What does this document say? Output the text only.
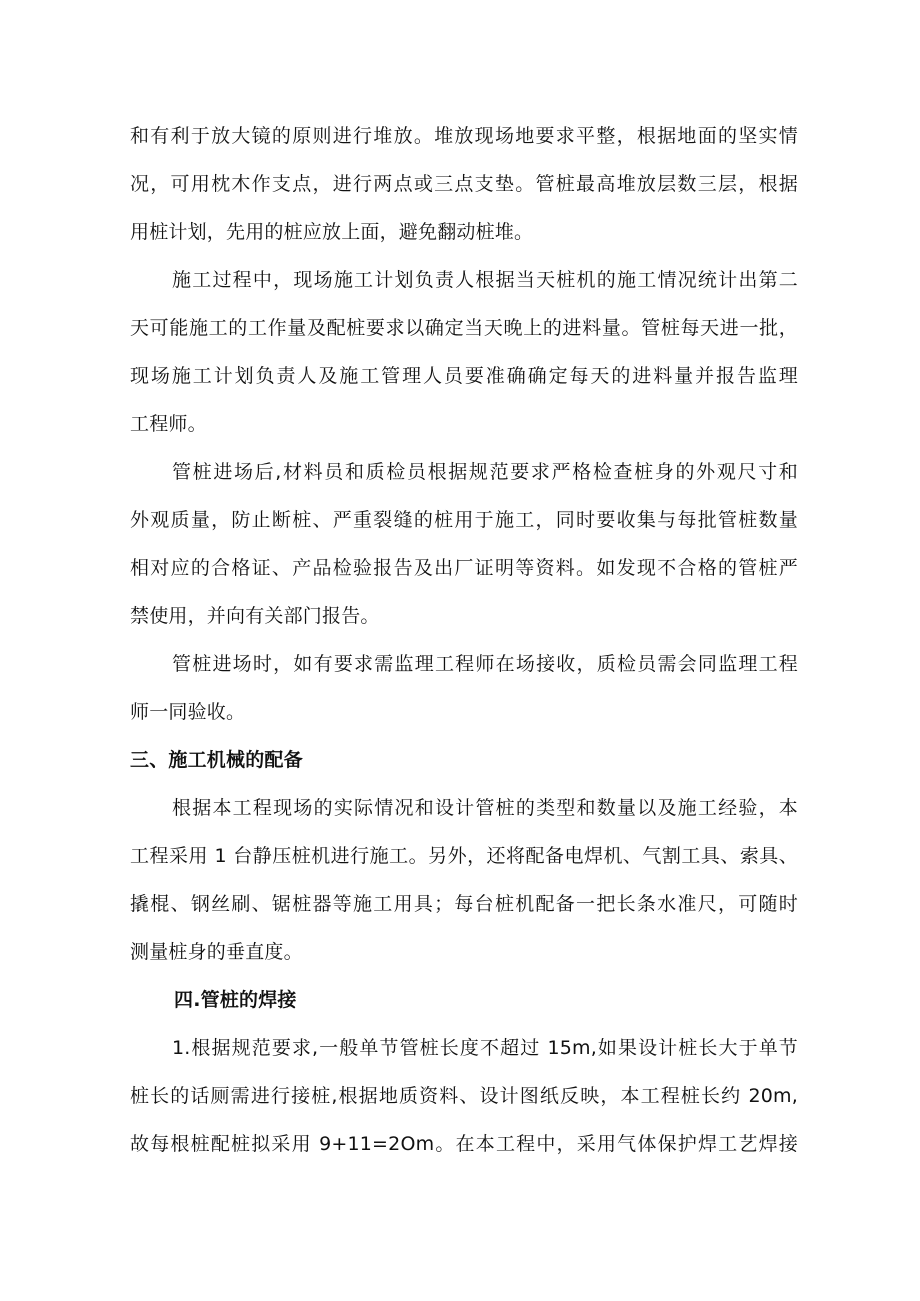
和有利于放大镜的原则进行堆放。堆放现场地要求平整，根据地面的坚实情
况，可用枕木作支点，进行两点或三点支垫。管桩最高堆放层数三层，根据
用桩计划，先用的桩应放上面，避免翻动桩堆。
施工过程中，现场施工计划负责人根据当天桩机的施工情况统计出第二
天可能施工的工作量及配桩要求以确定当天晚上的进料量。管桩每天进一批，
现场施工计划负责人及施工管理人员要准确确定每天的进料量并报告监理
工程师。
管桩进场后,材料员和质检员根据规范要求严格检查桩身的外观尺寸和
外观质量，防止断桩、严重裂缝的桩用于施工，同时要收集与每批管桩数量
相对应的合格证、产品检验报告及出厂证明等资料。如发现不合格的管桩严
禁使用，并向有关部门报告。
管桩进场时，如有要求需监理工程师在场接收，质检员需会同监理工程
师一同验收。
三、施工机械的配备
根据本工程现场的实际情况和设计管桩的类型和数量以及施工经验，本
工程采用 1 台静压桩机进行施工。另外，还将配备电焊机、气割工具、索具、
撬棍、钢丝刷、锯桩器等施工用具；每台桩机配备一把长条水准尺，可随时
测量桩身的垂直度。
四.管桩的焊接
1.根据规范要求,一般单节管桩长度不超过 15m,如果设计桩长大于单节
桩长的话厕需进行接桩,根据地质资料、设计图纸反映，本工程桩长约 20m,
故每根桩配桩拟采用 9+11=2Om。在本工程中，采用气体保护焊工艺焊接
